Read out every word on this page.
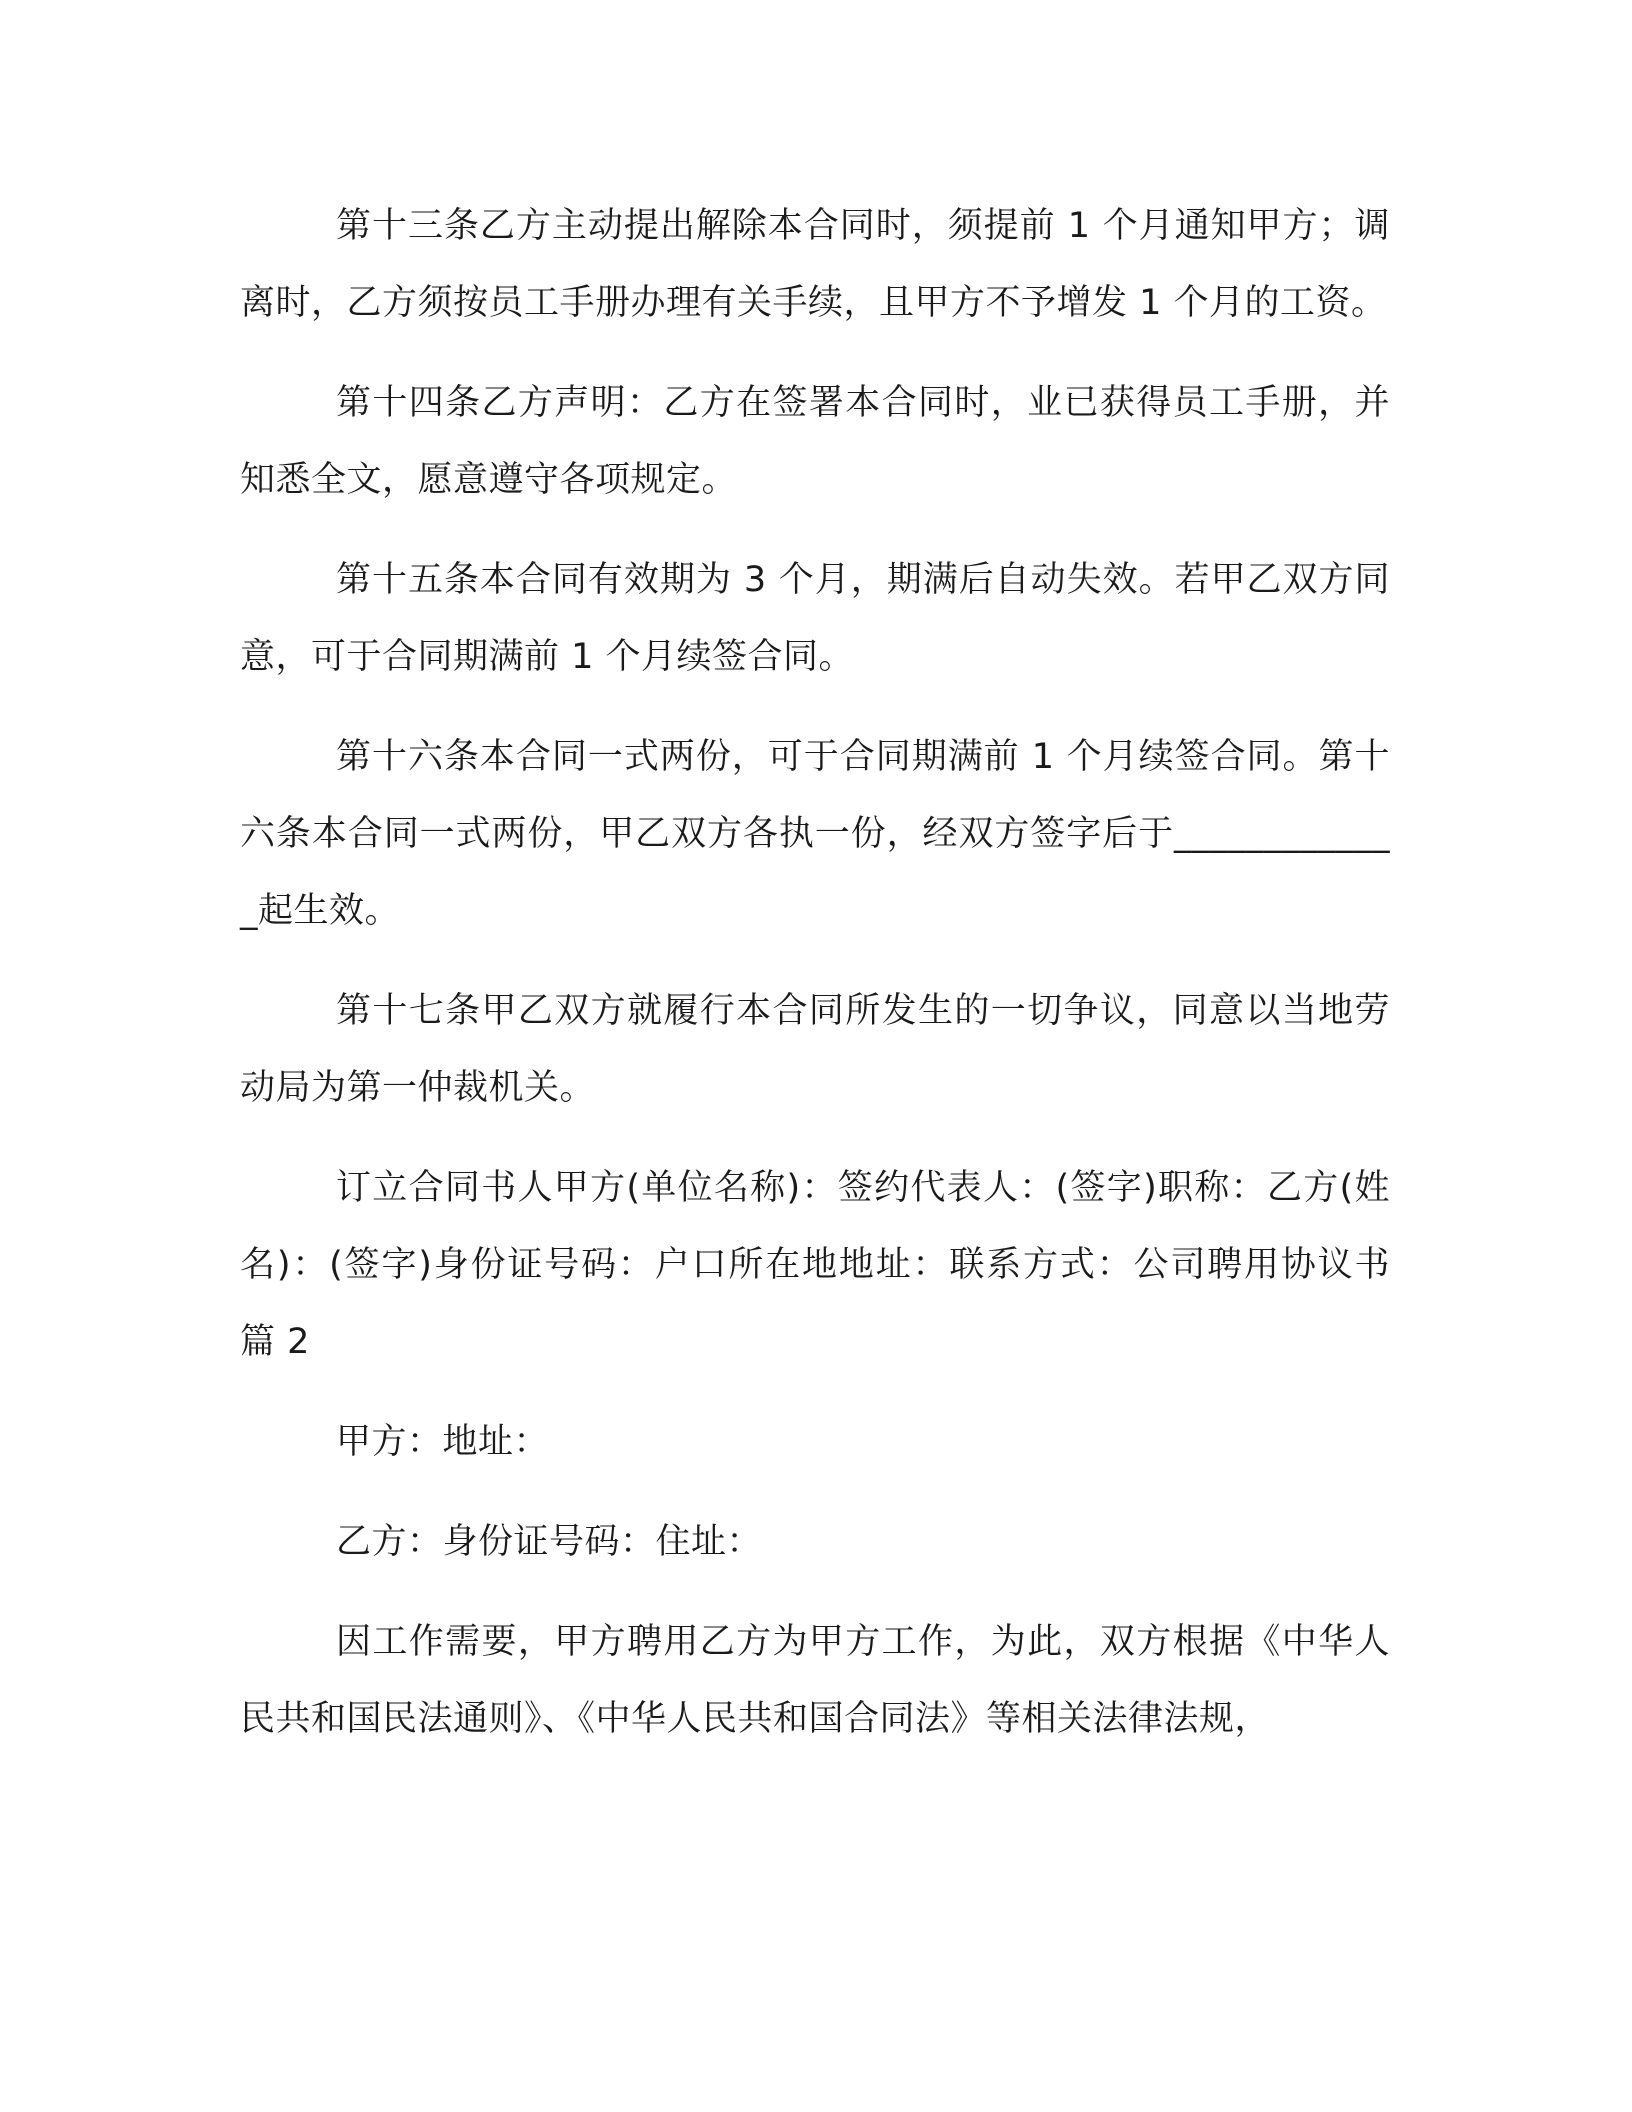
第十三条乙方主动提出解除本合同时，须提前 1 个月通知甲方；调离时，乙方须按员工手册办理有关手续，且甲方不予增发 1 个月的工资。

第十四条乙方声明：乙方在签署本合同时，业已获得员工手册，并知悉全文，愿意遵守各项规定。

第十五条本合同有效期为 3 个月，期满后自动失效。若甲乙双方同意，可于合同期满前 1 个月续签合同。

第十六条本合同一式两份，可于合同期满前 1 个月续签合同。第十六条本合同一式两份，甲乙双方各执一份，经双方签字后于_____________起生效。

第十七条甲乙双方就履行本合同所发生的一切争议，同意以当地劳动局为第一仲裁机关。

订立合同书人甲方(单位名称)：签约代表人：(签字)职称：乙方(姓名)：(签字)身份证号码：户口所在地地址：联系方式：公司聘用协议书 篇 2

甲方：地址：

乙方：身份证号码：住址：

因工作需要，甲方聘用乙方为甲方工作，为此，双方根据《中华人民共和国民法通则》、《中华人民共和国合同法》等相关法律法规，
